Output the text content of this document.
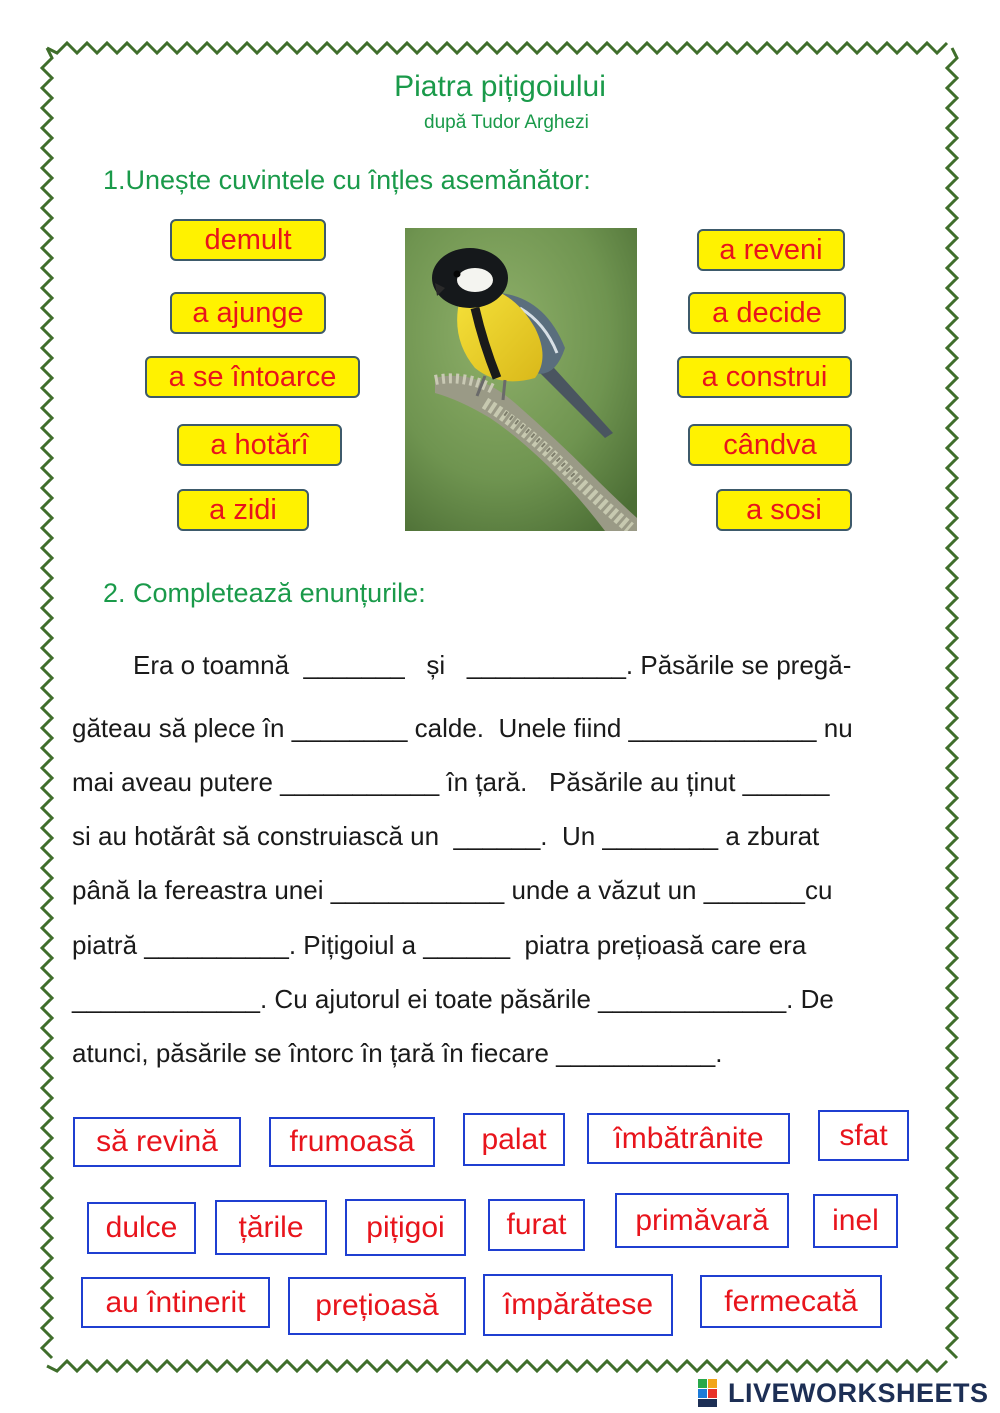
Piatra pițigoiului
după Tudor Arghezi
1.Unește cuvintele cu înțles asemănător:
demult
a ajunge
a se întoarce
a hotărî
a zidi
a reveni
a decide
a construi
cândva
a sosi
2. Completează enunțurile:
Era o toamnă  _______   și   ___________. Păsările se pregă-
găteau să plece în ________ calde.  Unele fiind _____________ nu
mai aveau putere ___________ în țară.   Păsările au ținut ______
si au hotărât să construiască un  ______.  Un ________ a zburat
până la fereastra unei ____________ unde a văzut un _______cu
piatră __________. Pițigoiul a ______  piatra prețioasă care era
_____________. Cu ajutorul ei toate păsările _____________. De
atunci, păsările se întorc în țară în fiecare ___________.
să revină	frumoasă	palat	îmbătrânite	sfat
dulce	țările	pițigoi	furat	primăvară	inel
au întinerit	prețioasă	împărătese	fermecată
LIVEWORKSHEETS
